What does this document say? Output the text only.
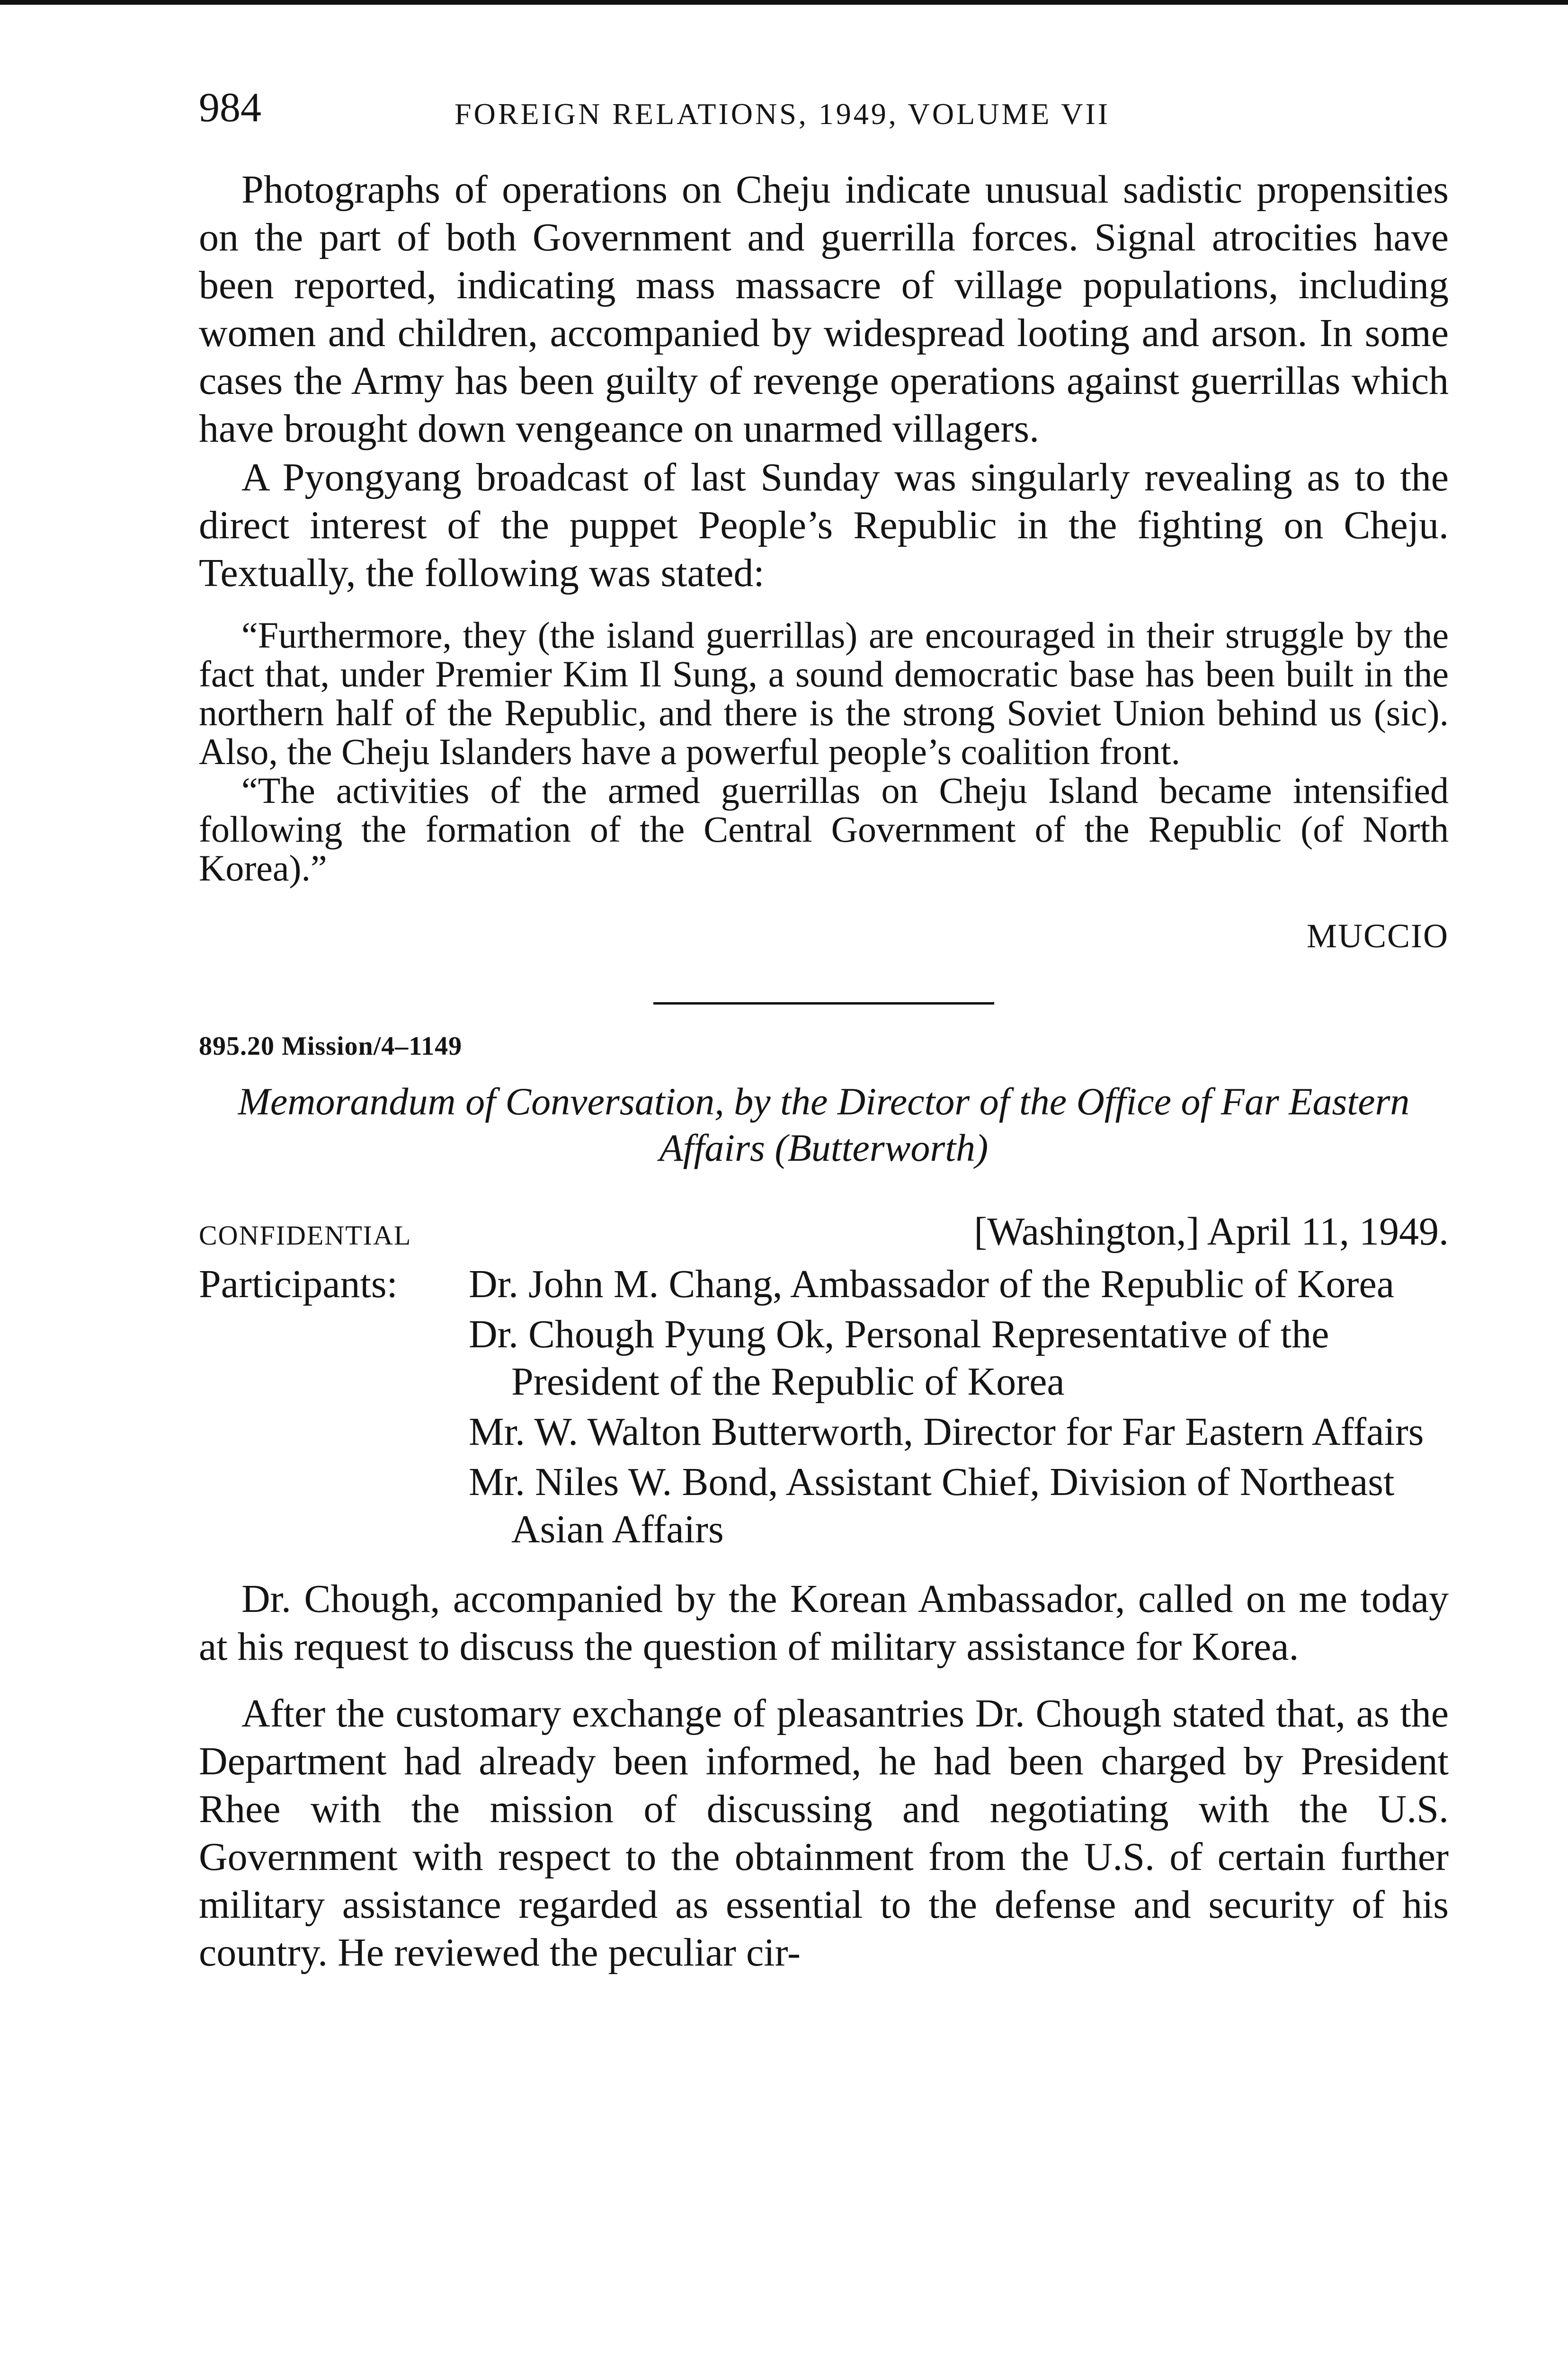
984	FOREIGN RELATIONS, 1949, VOLUME VII

Photographs of operations on Cheju indicate unusual sadistic propensities on the part of both Government and guerrilla forces. Signal atrocities have been reported, indicating mass massacre of village populations, including women and children, accompanied by widespread looting and arson. In some cases the Army has been guilty of revenge operations against guerrillas which have brought down vengeance on unarmed villagers.

A Pyongyang broadcast of last Sunday was singularly revealing as to the direct interest of the puppet People’s Republic in the fighting on Cheju. Textually, the following was stated:

“Furthermore, they (the island guerrillas) are encouraged in their struggle by the fact that, under Premier Kim Il Sung, a sound democratic base has been built in the northern half of the Republic, and there is the strong Soviet Union behind us (sic). Also, the Cheju Islanders have a powerful people’s coalition front.

“The activities of the armed guerrillas on Cheju Island became intensified following the formation of the Central Government of the Republic (of North Korea).”

MUCCIO
895.20 Mission/4–1149
Memorandum of Conversation, by the Director of the Office of Far Eastern Affairs (Butterworth)
CONFIDENTIAL	[Washington,] April 11, 1949.
Participants:	Dr. John M. Chang, Ambassador of the Republic of Korea
Dr. Chough Pyung Ok, Personal Representative of the President of the Republic of Korea
Mr. W. Walton Butterworth, Director for Far Eastern Affairs
Mr. Niles W. Bond, Assistant Chief, Division of Northeast Asian Affairs

Dr. Chough, accompanied by the Korean Ambassador, called on me today at his request to discuss the question of military assistance for Korea.

After the customary exchange of pleasantries Dr. Chough stated that, as the Department had already been informed, he had been charged by President Rhee with the mission of discussing and negotiating with the U.S. Government with respect to the obtainment from the U.S. of certain further military assistance regarded as essential to the defense and security of his country. He reviewed the peculiar cir-
